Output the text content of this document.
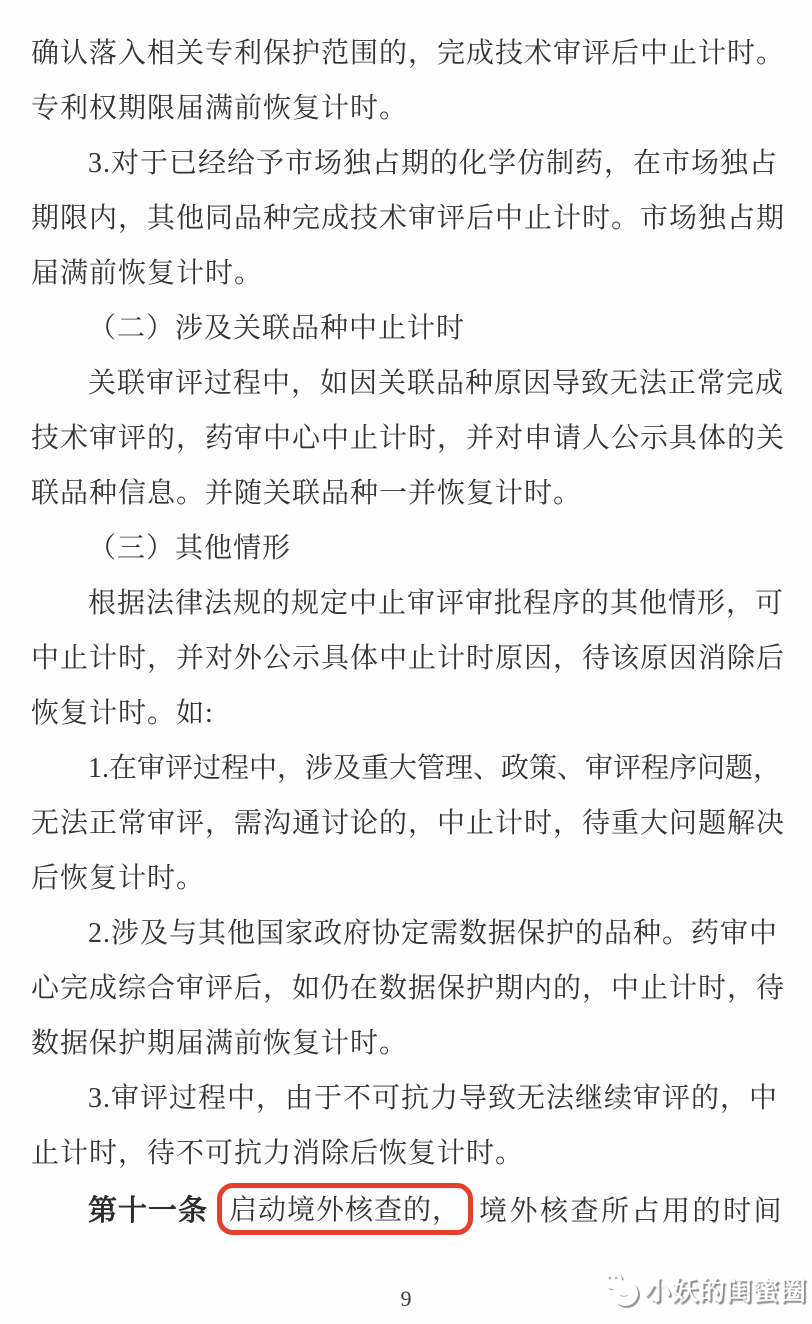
确认落入相关专利保护范围的，完成技术审评后中止计时。
专利权期限届满前恢复计时。
3.对于已经给予市场独占期的化学仿制药，在市场独占
期限内，其他同品种完成技术审评后中止计时。市场独占期
届满前恢复计时。
（二）涉及关联品种中止计时
关联审评过程中，如因关联品种原因导致无法正常完成
技术审评的，药审中心中止计时，并对申请人公示具体的关
联品种信息。并随关联品种一并恢复计时。
（三）其他情形
根据法律法规的规定中止审评审批程序的其他情形，可
中止计时，并对外公示具体中止计时原因，待该原因消除后
恢复计时。如:
1.在审评过程中，涉及重大管理、政策、审评程序问题，
无法正常审评，需沟通讨论的，中止计时，待重大问题解决
后恢复计时。
2.涉及与其他国家政府协定需数据保护的品种。药审中
心完成综合审评后，如仍在数据保护期内的，中止计时，待
数据保护期届满前恢复计时。
3.审评过程中，由于不可抗力导致无法继续审评的，中
止计时，待不可抗力消除后恢复计时。
第十一条 启动境外核查的， 境外核查所占用的时间
9	小妖的闺蜜圈
